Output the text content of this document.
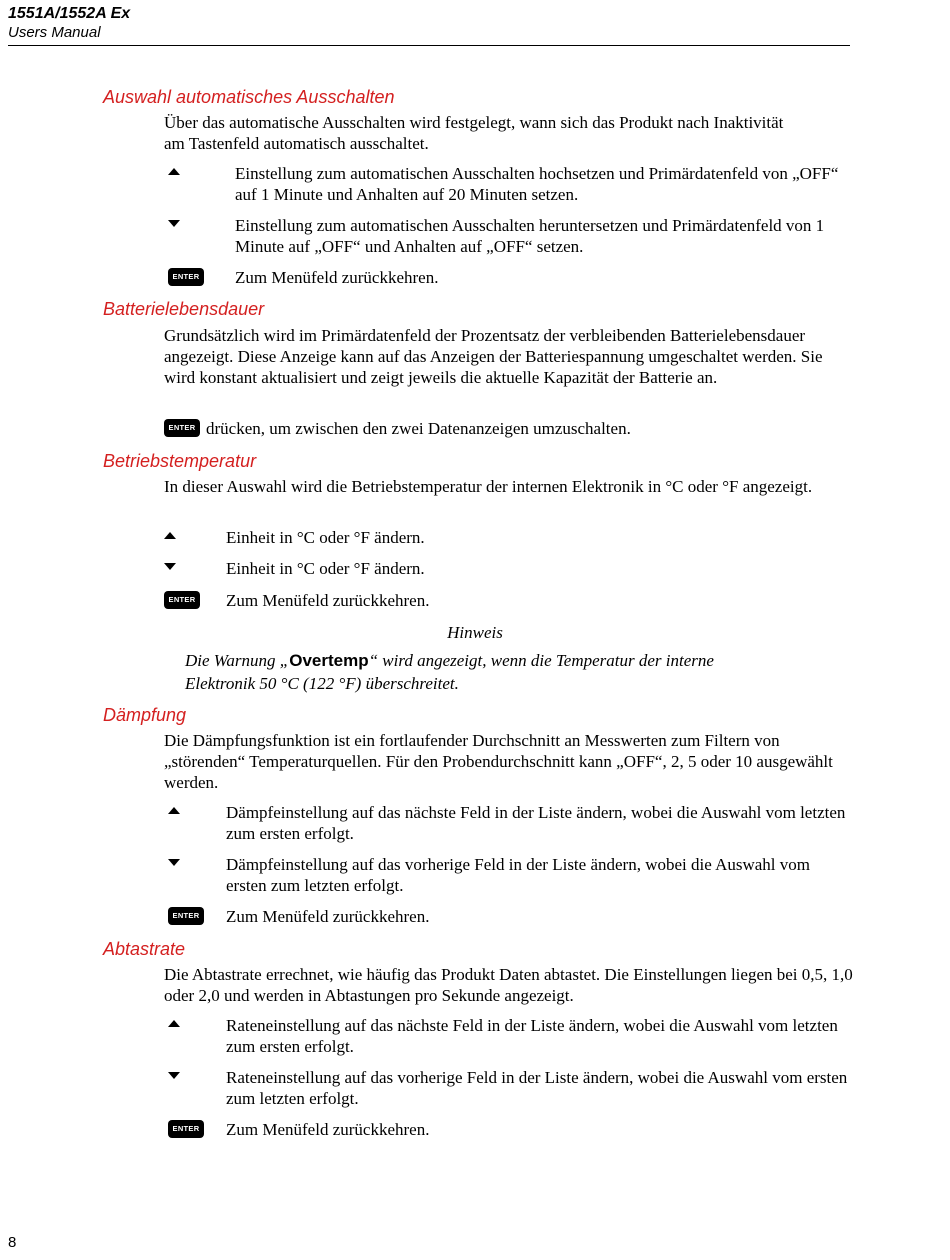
1551A/1552A Ex
Users Manual
Auswahl automatisches Ausschalten

Über das automatische Ausschalten wird festgelegt, wann sich das Produkt nach Inaktivität am Tastenfeld automatisch ausschaltet.

Einstellung zum automatischen Ausschalten hochsetzen und Primärdatenfeld von „OFF“ auf 1 Minute und Anhalten auf 20 Minuten setzen.
Einstellung zum automatischen Ausschalten heruntersetzen und Primärdatenfeld von 1 Minute auf „OFF“ und Anhalten auf „OFF“ setzen.
ENTER Zum Menüfeld zurückkehren.
Batterielebensdauer

Grundsätzlich wird im Primärdatenfeld der Prozentsatz der verbleibenden Batterielebensdauer angezeigt. Diese Anzeige kann auf das Anzeigen der Batteriespannung umgeschaltet werden. Sie wird konstant aktualisiert und zeigt jeweils die aktuelle Kapazität der Batterie an.

ENTER drücken, um zwischen den zwei Datenanzeigen umzuschalten.
Betriebstemperatur

In dieser Auswahl wird die Betriebstemperatur der internen Elektronik in °C oder °F angezeigt.

Einheit in °C oder °F ändern.
Einheit in °C oder °F ändern.
ENTER Zum Menüfeld zurückkehren.
Hinweis
Die Warnung „Overtemp“ wird angezeigt, wenn die Temperatur der interne Elektronik 50 °C (122 °F) überschreitet.
Dämpfung

Die Dämpfungsfunktion ist ein fortlaufender Durchschnitt an Messwerten zum Filtern von „störenden“ Temperaturquellen. Für den Probendurchschnitt kann „OFF“, 2, 5 oder 10 ausgewählt werden.

Dämpfeinstellung auf das nächste Feld in der Liste ändern, wobei die Auswahl vom letzten zum ersten erfolgt.
Dämpfeinstellung auf das vorherige Feld in der Liste ändern, wobei die Auswahl vom ersten zum letzten erfolgt.
ENTER Zum Menüfeld zurückkehren.
Abtastrate

Die Abtastrate errechnet, wie häufig das Produkt Daten abtastet. Die Einstellungen liegen bei 0,5, 1,0 oder 2,0 und werden in Abtastungen pro Sekunde angezeigt.

Rateneinstellung auf das nächste Feld in der Liste ändern, wobei die Auswahl vom letzten zum ersten erfolgt.
Rateneinstellung auf das vorherige Feld in der Liste ändern, wobei die Auswahl vom ersten zum letzten erfolgt.
ENTER Zum Menüfeld zurückkehren.
8
